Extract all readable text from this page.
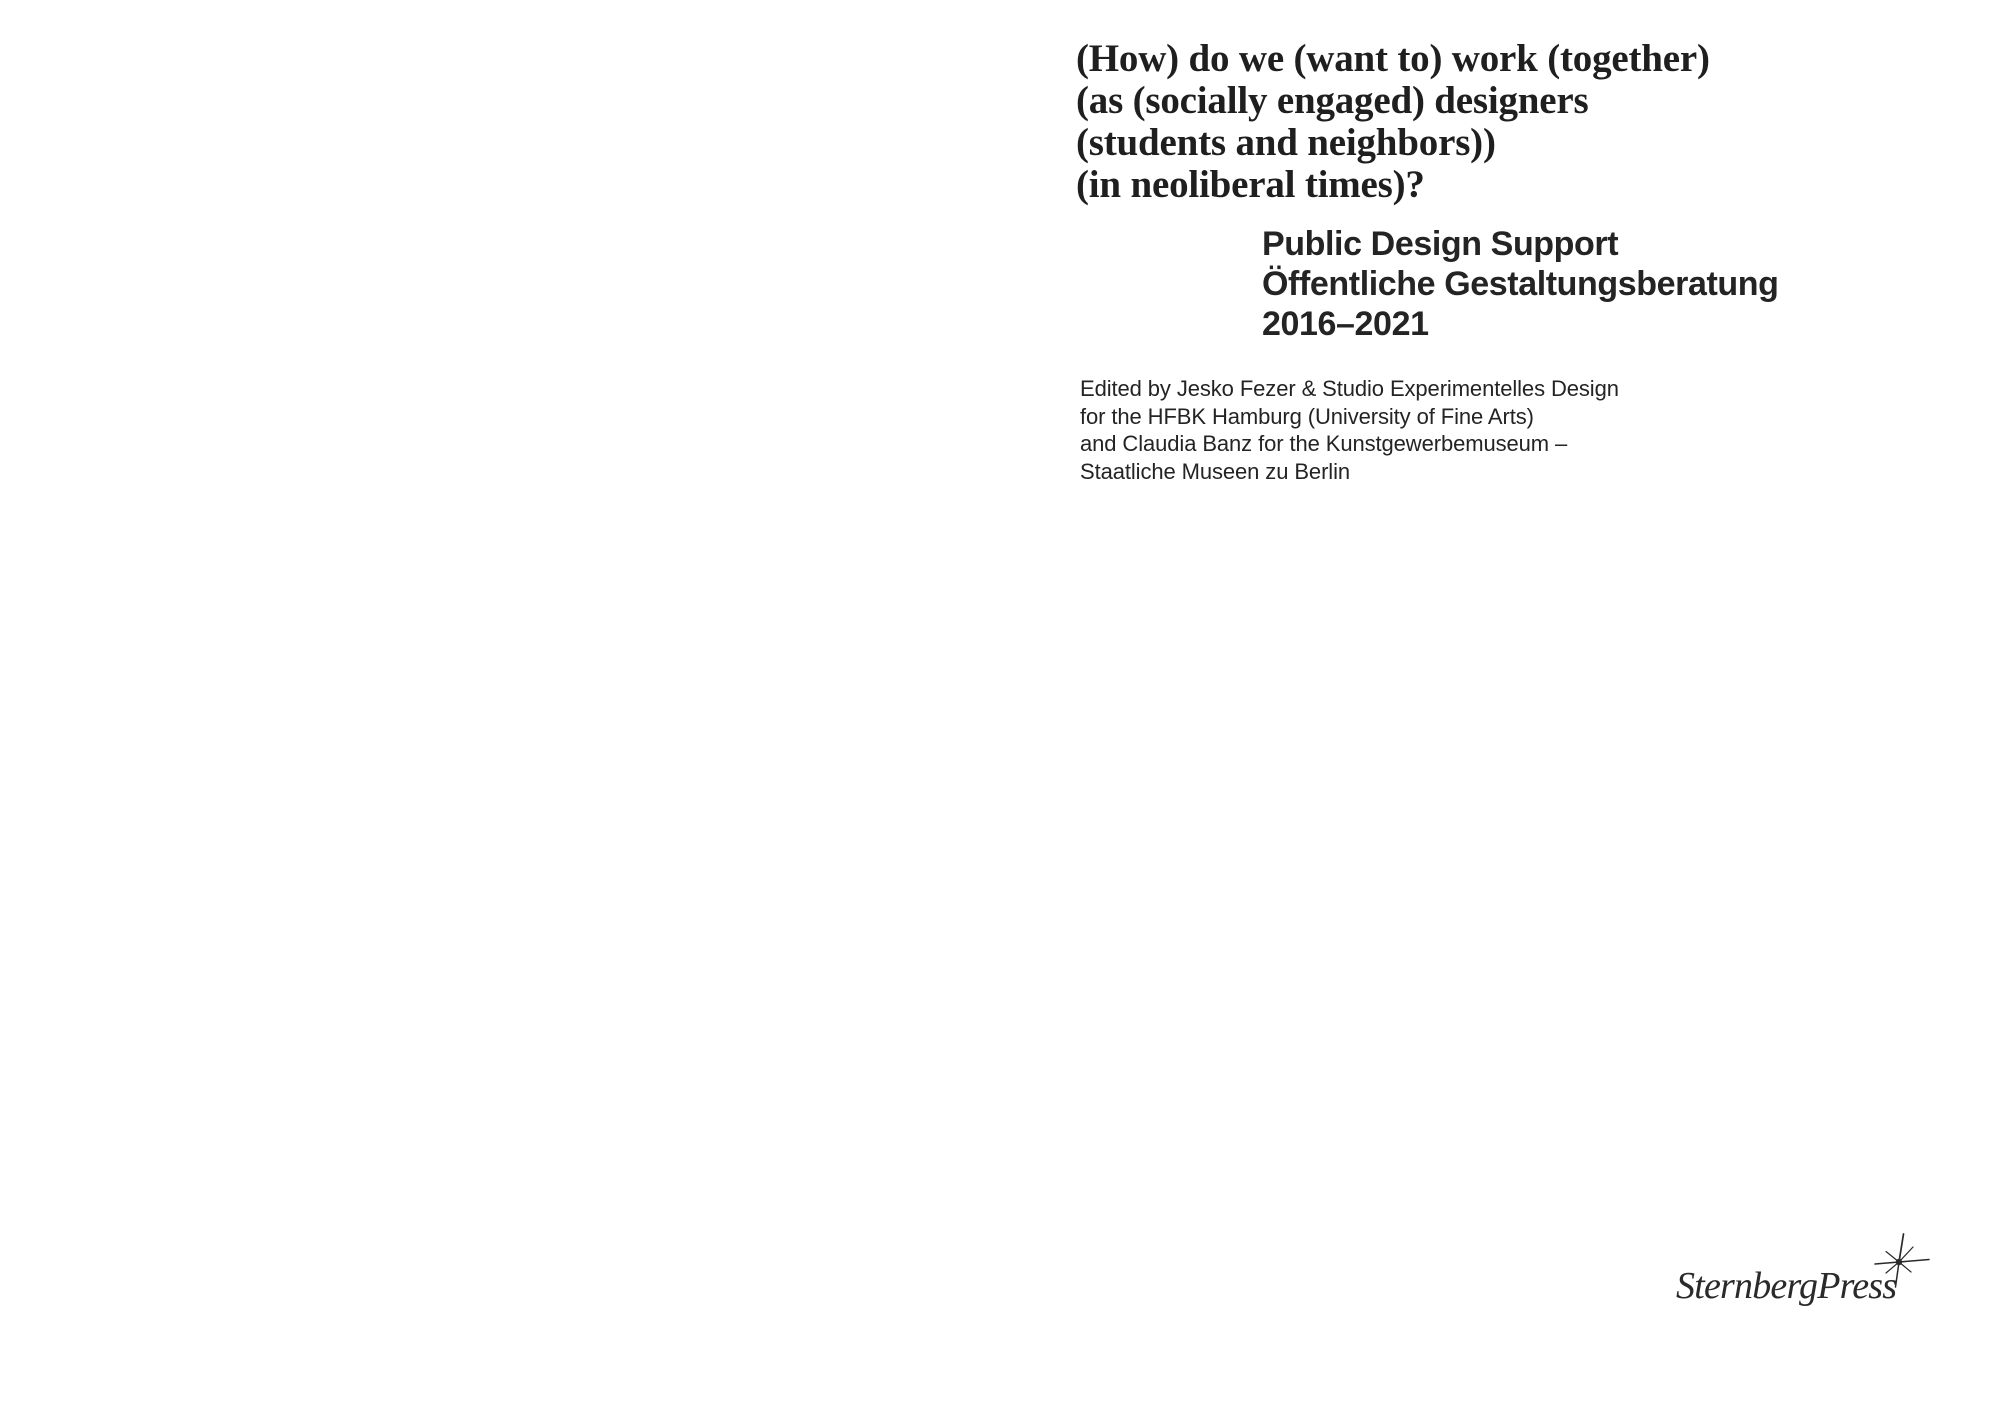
(How) do we (want to) work (together)
(as (socially engaged) designers
(students and neighbors))
(in neoliberal times)?
Public Design Support
Öffentliche Gestaltungsberatung
2016–2021
Edited by Jesko Fezer & Studio Experimentelles Design
for the HFBK Hamburg (University of Fine Arts)
and Claudia Banz for the Kunstgewerbemuseum –
Staatliche Museen zu Berlin
SternbergPress
